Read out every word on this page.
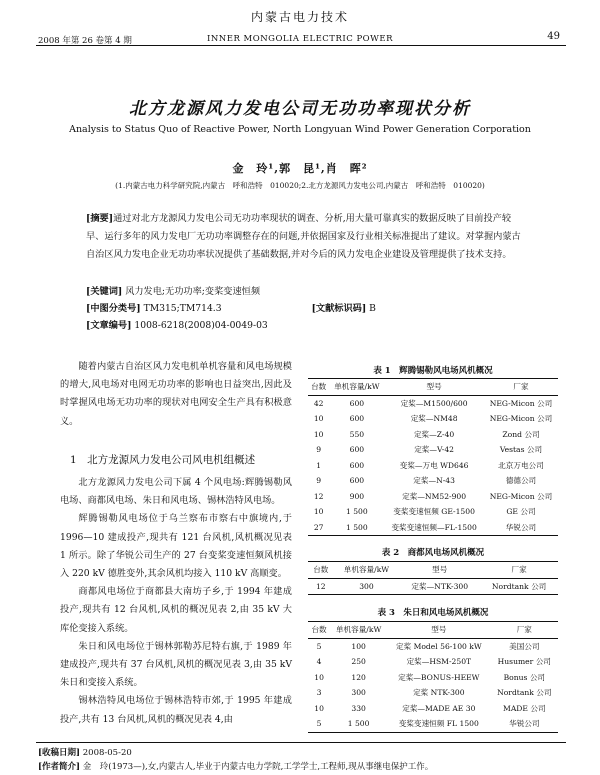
内蒙古电力技术
2008 年第 26 卷第 4 期	INNER MONGOLIA ELECTRIC POWER	49
北方龙源风力发电公司无功功率现状分析
Analysis to Status Quo of Reactive Power, North Longyuan Wind Power Generation Corporation
金　玲¹,郭　昆¹,肖　晖²
(1.内蒙古电力科学研究院,内蒙古　呼和浩特　010020;2.北方龙源风力发电公司,内蒙古　呼和浩特　010020)

[摘要]通过对北方龙源风力发电公司无功功率现状的调查、分析,用大量可靠真实的数据反映了目前投产较早、运行多年的风力发电厂无功功率调整存在的问题,并依据国家及行业相关标准提出了建议。对掌握内蒙古自治区风力发电企业无功功率状况提供了基础数据,并对今后的风力发电企业建设及管理提供了技术支持。

[关键词] 风力发电;无功功率;变桨变速恒频
[中图分类号] TM315;TM714.3	[文献标识码] B
[文章编号] 1008-6218(2008)04-0049-03

随着内蒙古自治区风力发电机单机容量和风电场规模的增大,风电场对电网无功功率的影响也日益突出,因此及时掌握风电场无功功率的现状对电网安全生产具有积极意义。

1　北方龙源风力发电公司风电机组概述

北方龙源风力发电公司下属 4 个风电场:辉腾锡勒风电场、商都风电场、朱日和风电场、锡林浩特风电场。

辉腾锡勒风电场位于乌兰察布市察右中旗境内,于 1996—10 建成投产,现共有 121 台风机,风机概况见表 1 所示。除了华锐公司生产的 27 台变桨变速恒频风机接入 220 kV 德胜变外,其余风机均接入 110 kV 高顺变。

商都风电场位于商都县大南坊子乡,于 1994 年建成投产,现共有 12 台风机,风机的概况见表 2,由 35 kV 大库伦变接入系统。

朱日和风电场位于锡林郭勒苏尼特右旗,于 1989 年建成投产,现共有 37 台风机,风机的概况见表 3,由 35 kV 朱日和变接入系统。

锡林浩特风电场位于锡林浩特市郊,于 1995 年建成投产,共有 13 台风机,风机的概况见表 4,由

表 1　辉腾锡勒风电场风机概况
台数	单机容量/kW	型号	厂家
42	600	定桨—M1500/600	NEG-Micon 公司
10	600	定桨—NM48	NEG-Micon 公司
10	550	定桨—Z-40	Zond 公司
9	600	定桨—V-42	Vestas 公司
1	600	变桨—万电 WD646	北京万电公司
9	600	定桨—N-43	德德公司
12	900	定桨—NM52-900	NEG-Micon 公司
10	1 500	变桨变速恒频 GE-1500	GE 公司
27	1 500	变桨变速恒频—FL-1500	华锐公司
表 2　商都风电场风机概况
台数	单机容量/kW	型号	厂家
12	300	定桨—NTK-300	Nordtank 公司
表 3　朱日和风电场风机概况
台数	单机容量/kW	型号	厂家
5	100	定桨 Model 56-100 kW	美国公司
4	250	定桨—HSM-250T	Husumer 公司
10	120	定桨—BONUS-HEEW	Bonus 公司
3	300	定桨 NTK-300	Nordtank 公司
10	330	定桨—MADE AE 30	MADE 公司
5	1 500	变桨变速恒频 FL 1500	华锐公司
[收稿日期] 2008-05-20
[作者简介] 金　玲(1973—),女,内蒙古人,毕业于内蒙古电力学院,工学学士,工程师,现从事继电保护工作。
